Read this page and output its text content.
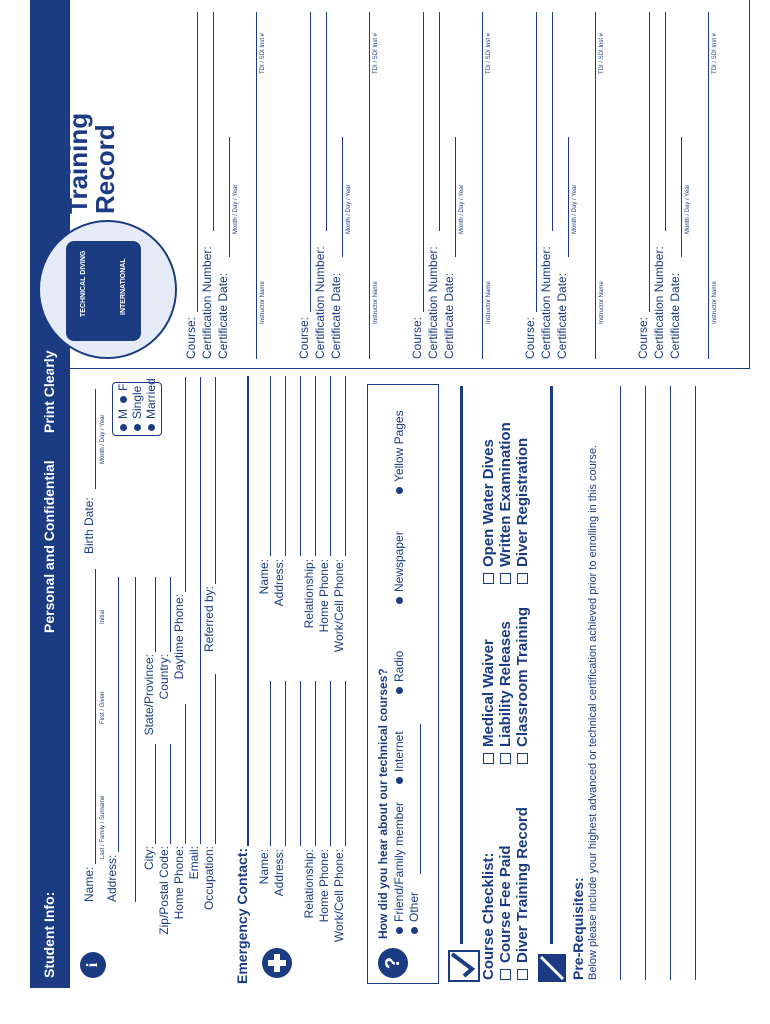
Student Info:
Personal and Confidential
Print Clearly
i
Name:
Last / Family / Surname
First / Given
Initial
Birth Date:
Month / Day / Year
Address: City:
State/Province:
Zip/Postal Code:
Country:
Home Phone:
Daytime Phone:
Email: Occupation:
Referred by:
M
F Single Married
Emergency Contact: Name: Address: Relationship: Home Phone: Work/Cell Phone:
Name: Address: Relationship: Home Phone: Work/Cell Phone:
?
How did you hear about our technical courses? Friend/Family member
Internet
Radio
Newspaper
Yellow Pages
Other	Course Checklist: Course Fee Paid Diver Training Record
Medical Waiver Liability Releases Classroom Training
Open Water Dives Written Examination Diver Registration
Pre-Requisites: Below please include your highest advanced or technical certification achieved prior to enrolling in this course.
TECHNICAL DIVING	INTERNATIONAL
Diver
Training
Record
Course: Certification Number: Certificate Date:
Month / Day / Year
Instructor Name
TDI / SDI Inst #
Course: Certification Number: Certificate Date:
Month / Day / Year
Instructor Name
TDI / SDI Inst #
Course: Certification Number: Certificate Date:
Month / Day / Year
Instructor Name
TDI / SDI Inst #
Course: Certification Number: Certificate Date:
Month / Day / Year
Instructor Name
TDI / SDI Inst #
Course: Certification Number: Certificate Date:
Month / Day / Year
Instructor Name
TDI / SDI Inst #
